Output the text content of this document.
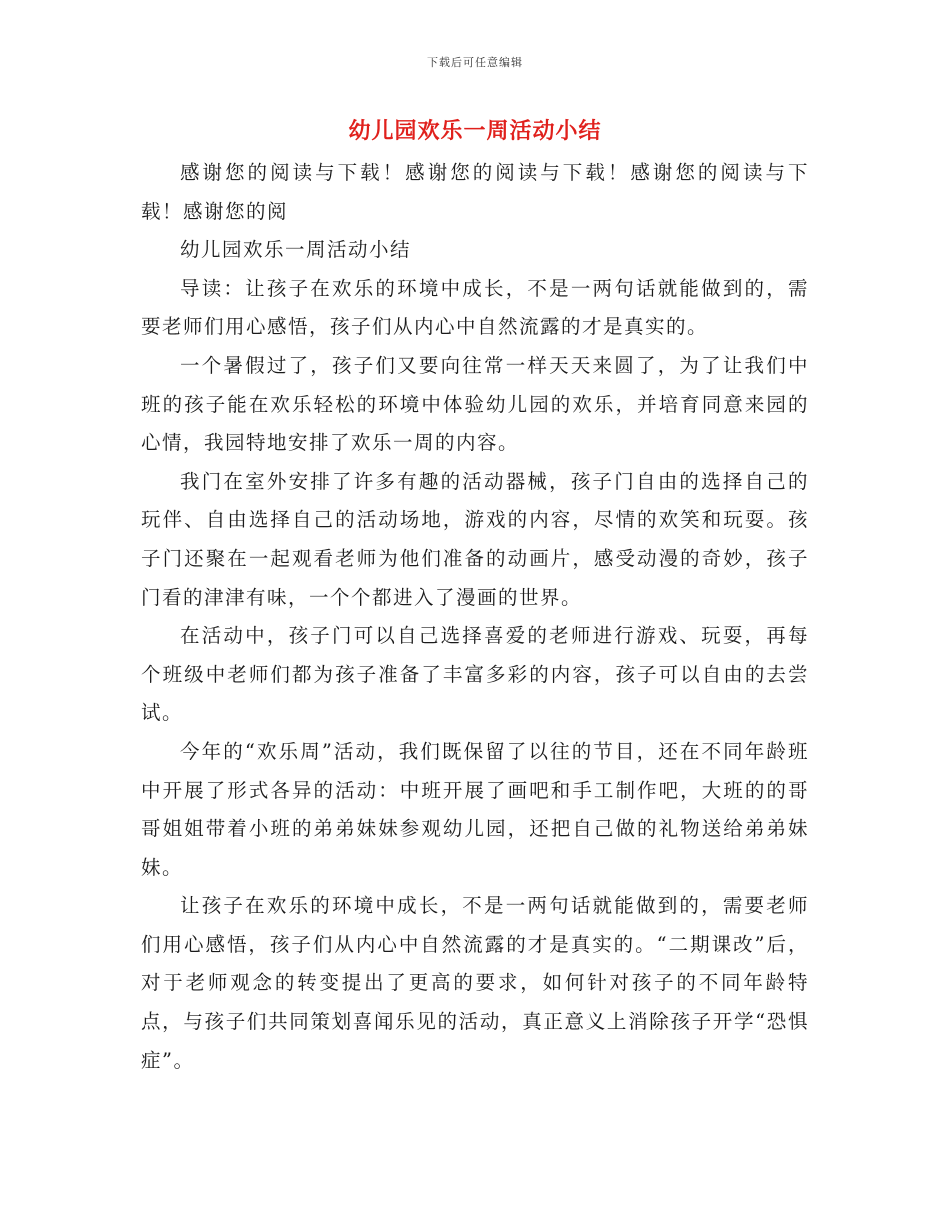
下载后可任意编辑
幼儿园欢乐一周活动小结

感谢您的阅读与下载！感谢您的阅读与下载！感谢您的阅读与下载！感谢您的阅

幼儿园欢乐一周活动小结

导读：让孩子在欢乐的环境中成长，不是一两句话就能做到的，需要老师们用心感悟，孩子们从内心中自然流露的才是真实的。

一个暑假过了，孩子们又要向往常一样天天来圆了，为了让我们中班的孩子能在欢乐轻松的环境中体验幼儿园的欢乐，并培育同意来园的心情，我园特地安排了欢乐一周的内容。

我门在室外安排了许多有趣的活动器械，孩子门自由的选择自己的玩伴、自由选择自己的活动场地，游戏的内容，尽情的欢笑和玩耍。孩子门还聚在一起观看老师为他们准备的动画片，感受动漫的奇妙，孩子门看的津津有味，一个个都进入了漫画的世界。

在活动中，孩子门可以自己选择喜爱的老师进行游戏、玩耍，再每个班级中老师们都为孩子准备了丰富多彩的内容，孩子可以自由的去尝试。

今年的“欢乐周”活动，我们既保留了以往的节目，还在不同年龄班中开展了形式各异的活动：中班开展了画吧和手工制作吧，大班的的哥哥姐姐带着小班的弟弟妹妹参观幼儿园，还把自己做的礼物送给弟弟妹妹。

让孩子在欢乐的环境中成长，不是一两句话就能做到的，需要老师们用心感悟，孩子们从内心中自然流露的才是真实的。“二期课改”后，对于老师观念的转变提出了更高的要求，如何针对孩子的不同年龄特点，与孩子们共同策划喜闻乐见的活动，真正意义上消除孩子开学“恐惧症”。
